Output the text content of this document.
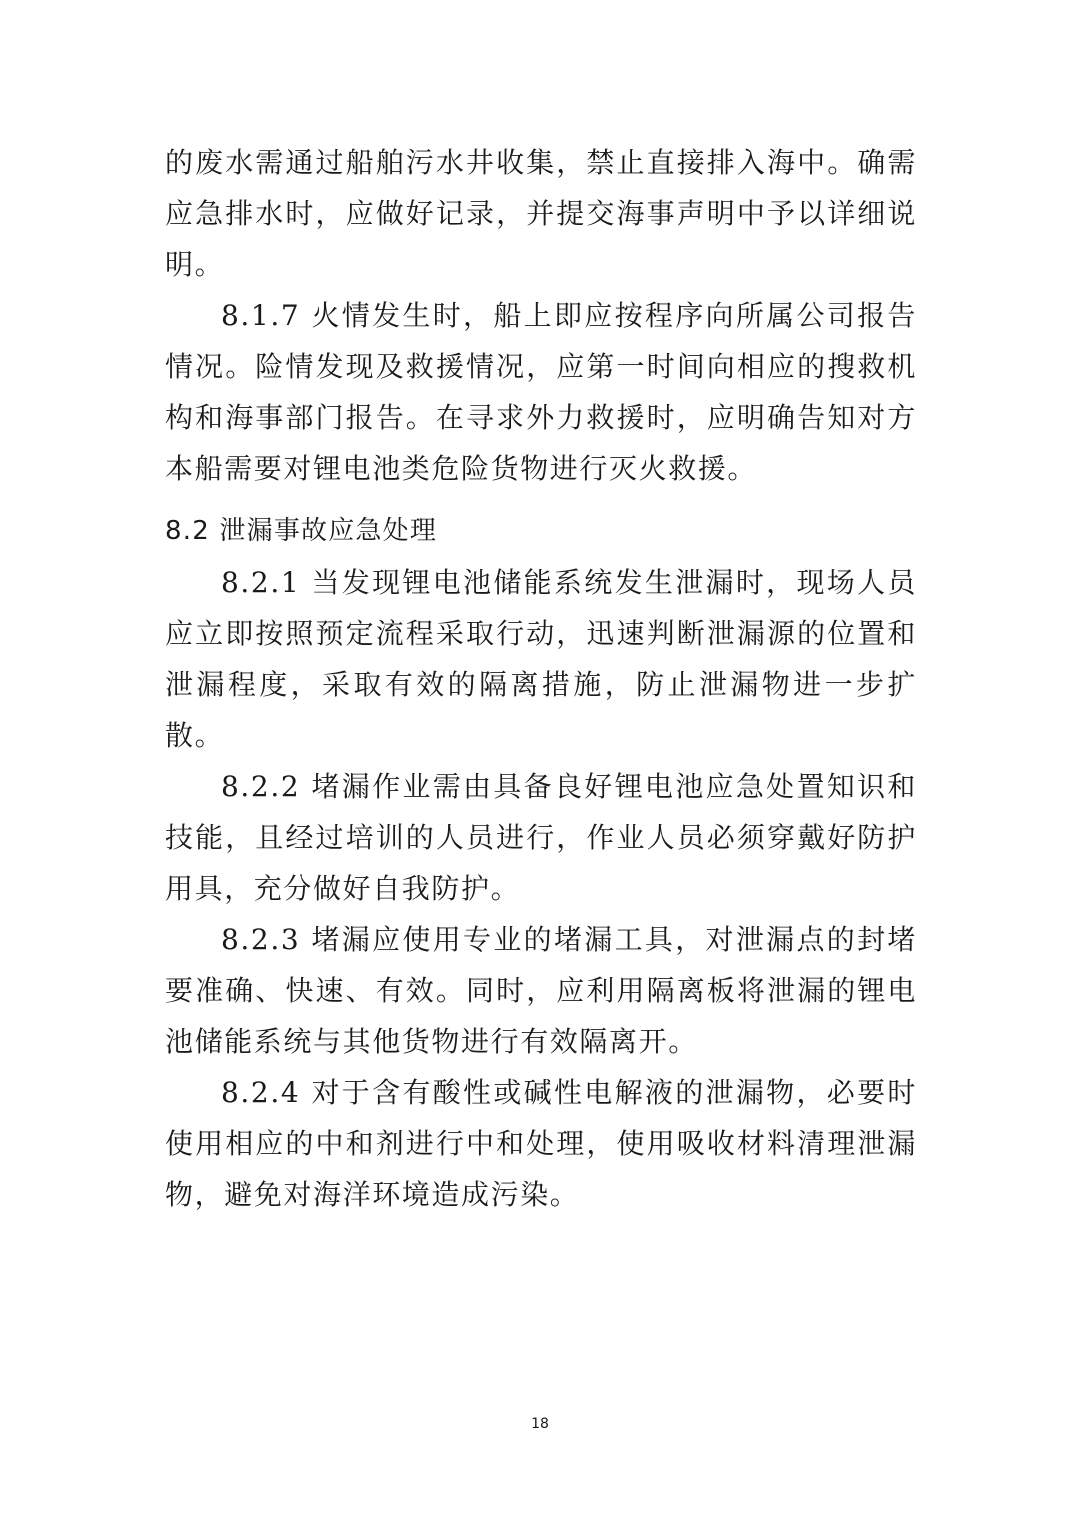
的废水需通过船舶污水井收集，禁止直接排入海中。确需应急排水时，应做好记录，并提交海事声明中予以详细说明。

8.1.7 火情发生时，船上即应按程序向所属公司报告情况。险情发现及救援情况，应第一时间向相应的搜救机构和海事部门报告。在寻求外力救援时，应明确告知对方本船需要对锂电池类危险货物进行灭火救援。

8.2 泄漏事故应急处理

8.2.1 当发现锂电池储能系统发生泄漏时，现场人员应立即按照预定流程采取行动，迅速判断泄漏源的位置和泄漏程度，采取有效的隔离措施，防止泄漏物进一步扩散。

8.2.2 堵漏作业需由具备良好锂电池应急处置知识和技能，且经过培训的人员进行，作业人员必须穿戴好防护用具，充分做好自我防护。

8.2.3 堵漏应使用专业的堵漏工具，对泄漏点的封堵要准确、快速、有效。同时，应利用隔离板将泄漏的锂电池储能系统与其他货物进行有效隔离开。

8.2.4 对于含有酸性或碱性电解液的泄漏物，必要时使用相应的中和剂进行中和处理，使用吸收材料清理泄漏物，避免对海洋环境造成污染。

18
